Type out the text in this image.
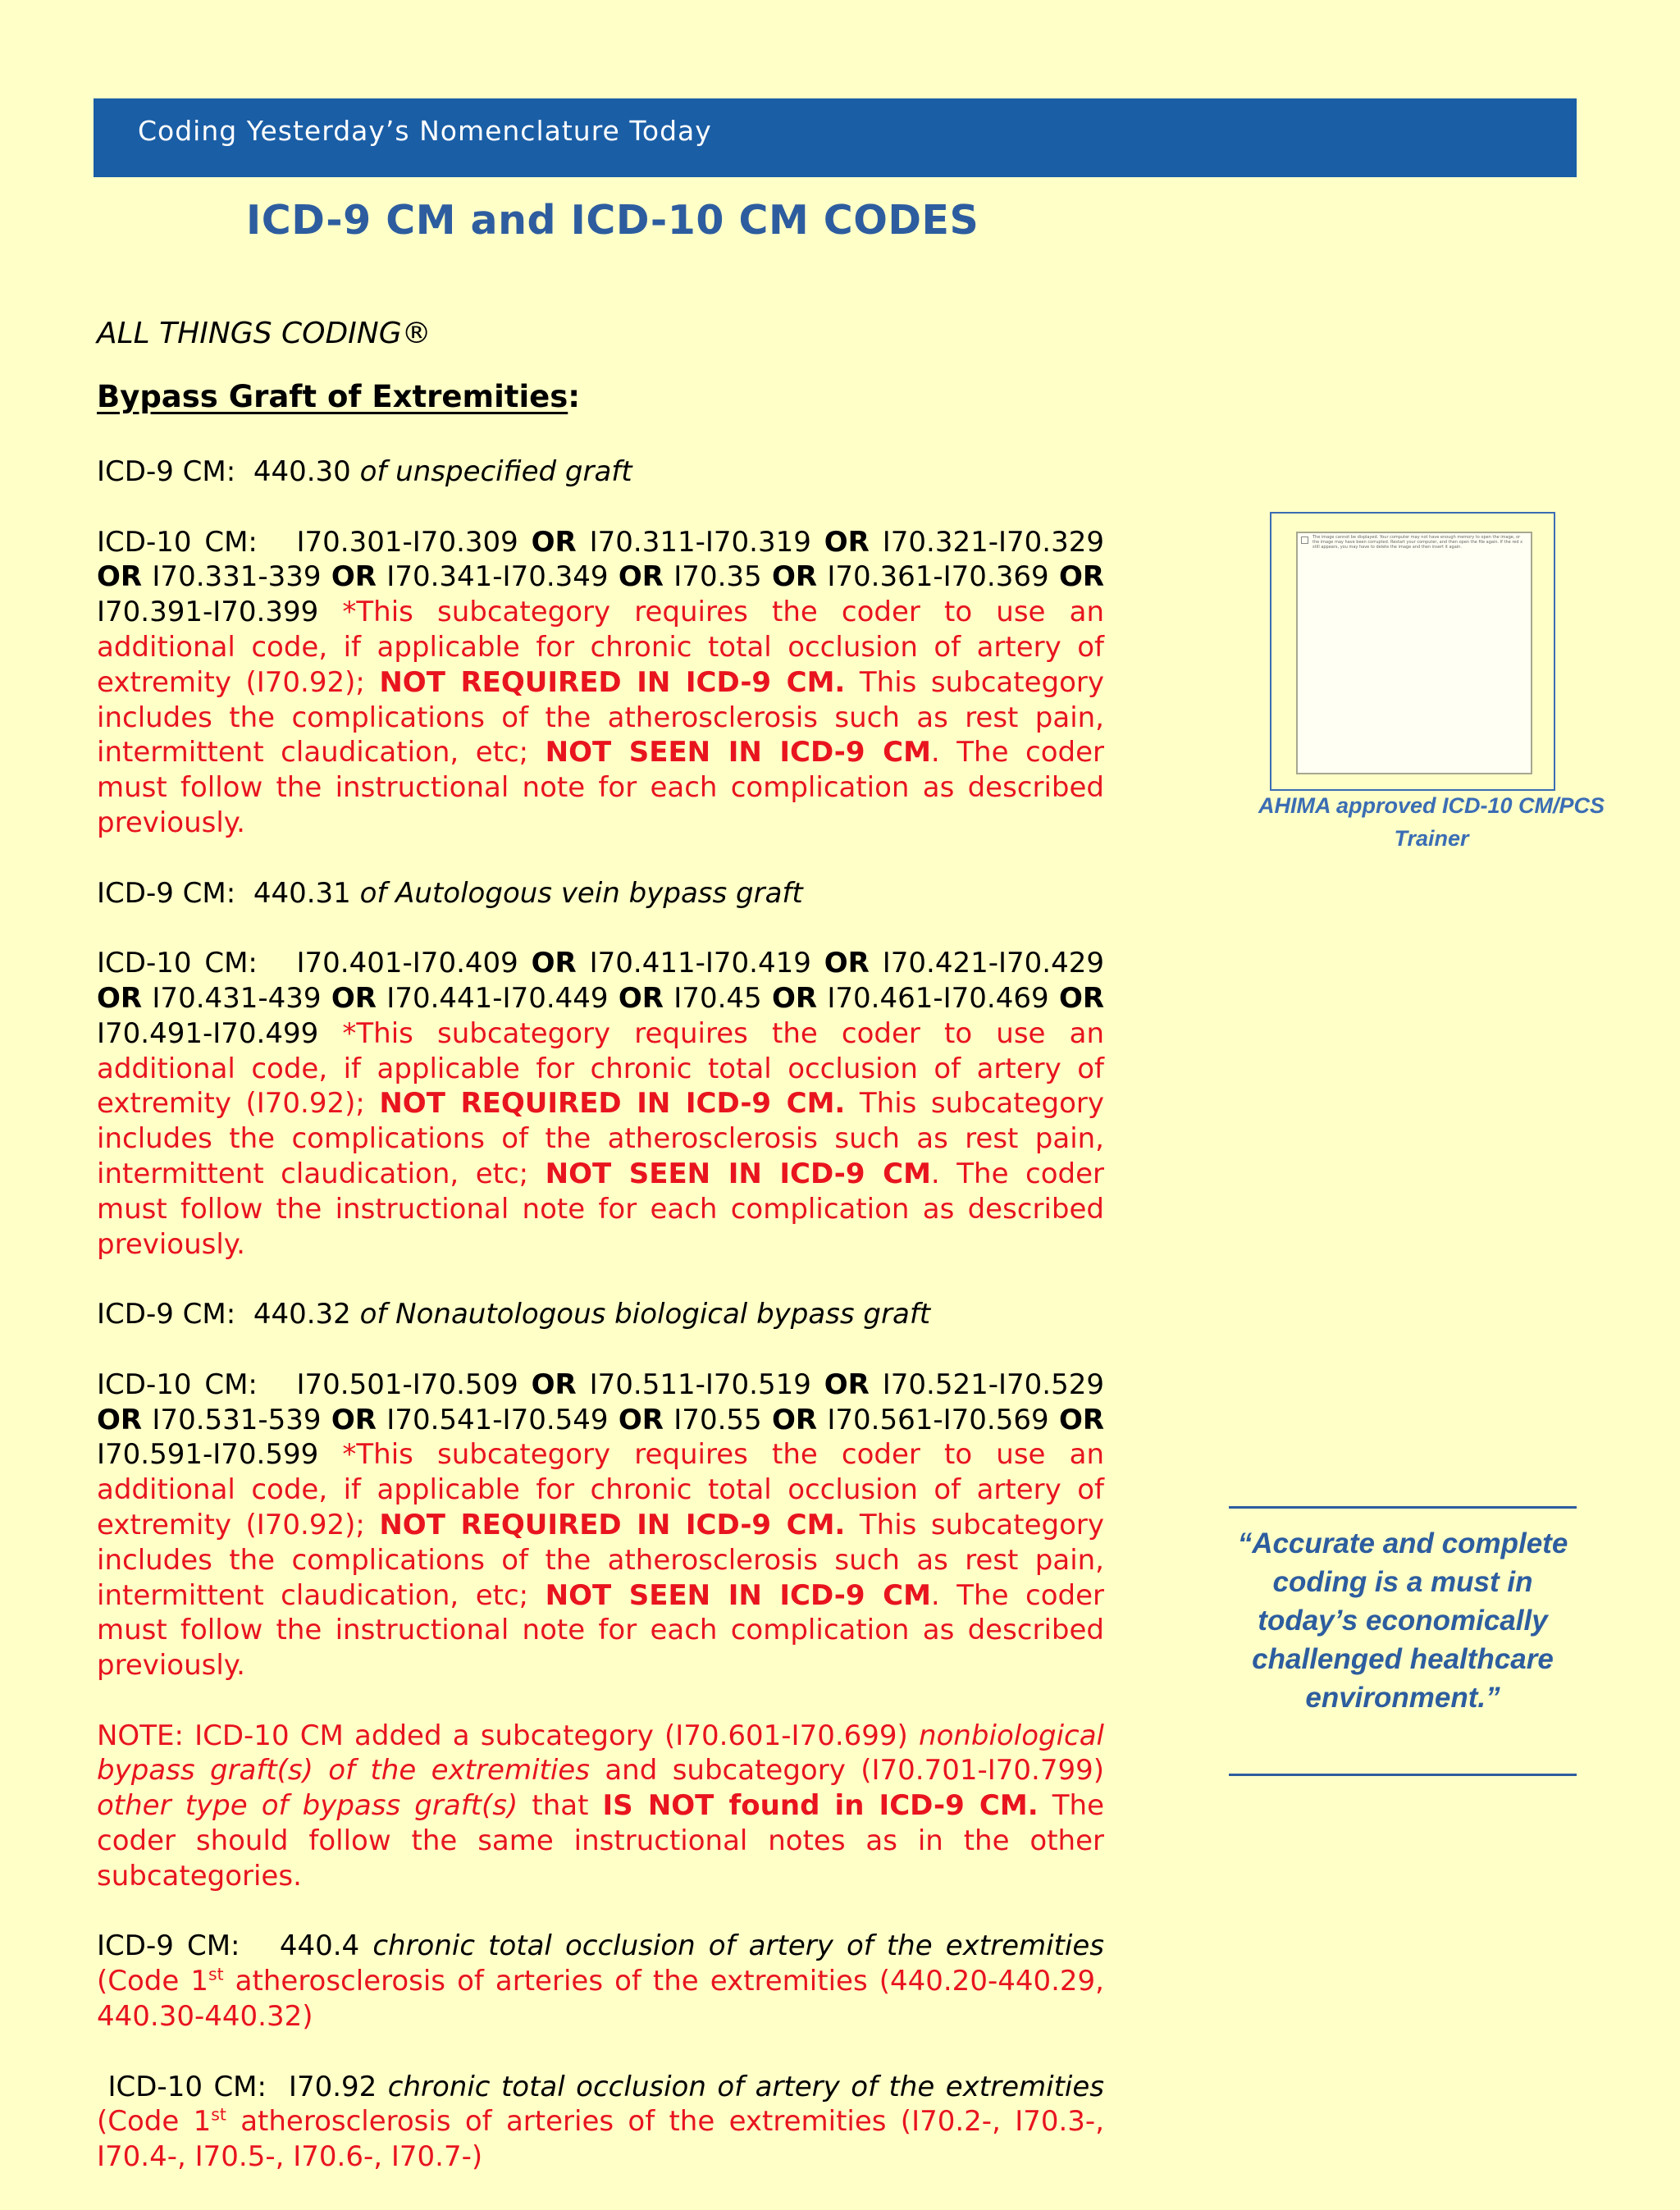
Coding Yesterday’s Nomenclature Today
ICD-9 CM and ICD-10 CM CODES
ALL THINGS CODING®
Bypass Graft of Extremities:

ICD-9 CM: 440.30 of unspecified graft

ICD-10 CM: I70.301-I70.309 OR I70.311-I70.319 OR I70.321-I70.329 OR I70.331-339 OR I70.341-I70.349 OR I70.35 OR I70.361-I70.369 OR I70.391-I70.399 *This subcategory requires the coder to use an additional code, if applicable for chronic total occlusion of artery of extremity (I70.92); NOT REQUIRED IN ICD-9 CM. This subcategory includes the complications of the atherosclerosis such as rest pain, intermittent claudication, etc; NOT SEEN IN ICD-9 CM. The coder must follow the instructional note for each complication as described previously.

ICD-9 CM: 440.31 of Autologous vein bypass graft

ICD-10 CM: I70.401-I70.409 OR I70.411-I70.419 OR I70.421-I70.429 OR I70.431-439 OR I70.441-I70.449 OR I70.45 OR I70.461-I70.469 OR I70.491-I70.499 *This subcategory requires the coder to use an additional code, if applicable for chronic total occlusion of artery of extremity (I70.92); NOT REQUIRED IN ICD-9 CM. This subcategory includes the complications of the atherosclerosis such as rest pain, intermittent claudication, etc; NOT SEEN IN ICD-9 CM. The coder must follow the instructional note for each complication as described previously.

ICD-9 CM: 440.32 of Nonautologous biological bypass graft

ICD-10 CM: I70.501-I70.509 OR I70.511-I70.519 OR I70.521-I70.529 OR I70.531-539 OR I70.541-I70.549 OR I70.55 OR I70.561-I70.569 OR I70.591-I70.599 *This subcategory requires the coder to use an additional code, if applicable for chronic total occlusion of artery of extremity (I70.92); NOT REQUIRED IN ICD-9 CM. This subcategory includes the complications of the atherosclerosis such as rest pain, intermittent claudication, etc; NOT SEEN IN ICD-9 CM. The coder must follow the instructional note for each complication as described previously.

NOTE: ICD-10 CM added a subcategory (I70.601-I70.699) nonbiological bypass graft(s) of the extremities and subcategory (I70.701-I70.799) other type of bypass graft(s) that IS NOT found in ICD-9 CM. The coder should follow the same instructional notes as in the other subcategories.

ICD-9 CM: 440.4 chronic total occlusion of artery of the extremities (Code 1st atherosclerosis of arteries of the extremities (440.20-440.29, 440.30-440.32)

ICD-10 CM: I70.92 chronic total occlusion of artery of the extremities (Code 1st atherosclerosis of arteries of the extremities (I70.2-, I70.3-, I70.4-, I70.5-, I70.6-, I70.7-)

The image cannot be displayed. Your computer may not have enough memory to open the image, or the image may have been corrupted. Restart your computer, and then open the file again. If the red x still appears, you may have to delete the image and then insert it again.
AHIMA approved ICD-10 CM/PCS Trainer
“Accurate and complete coding is a must in today’s economically challenged healthcare environment.”
